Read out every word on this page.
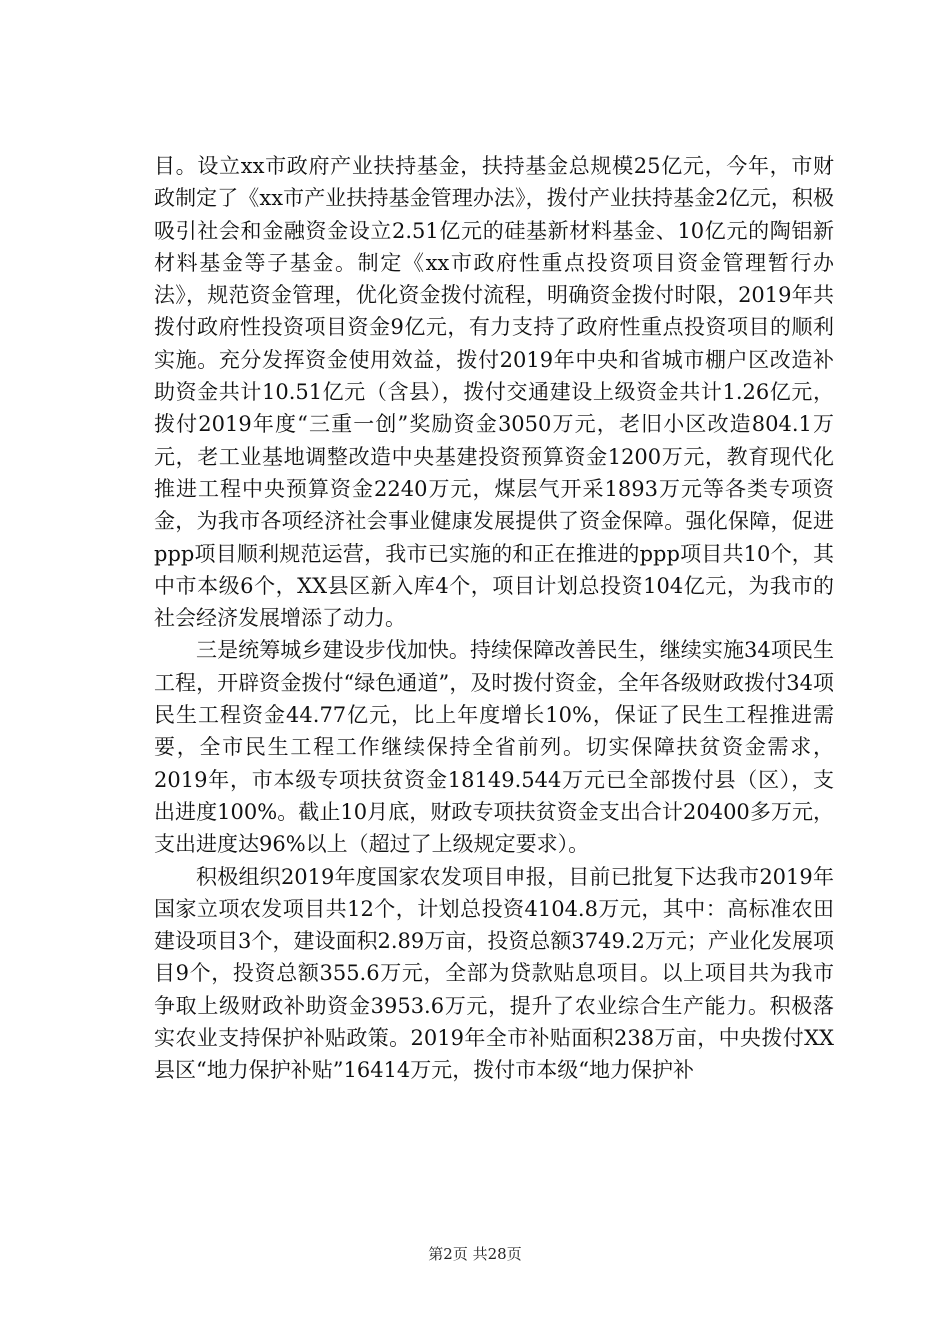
目。设立xx市政府产业扶持基金，扶持基金总规模25亿元，今年，市财政制定了《xx市产业扶持基金管理办法》，拨付产业扶持基金2亿元，积极吸引社会和金融资金设立2.51亿元的硅基新材料基金、10亿元的陶铝新材料基金等子基金。制定《xx市政府性重点投资项目资金管理暂行办法》，规范资金管理，优化资金拨付流程，明确资金拨付时限，2019年共拨付政府性投资项目资金9亿元，有力支持了政府性重点投资项目的顺利实施。充分发挥资金使用效益，拨付2019年中央和省城市棚户区改造补助资金共计10.51亿元（含县），拨付交通建设上级资金共计1.26亿元，拨付2019年度“三重一创”奖励资金3050万元，老旧小区改造804.1万元，老工业基地调整改造中央基建投资预算资金1200万元，教育现代化推进工程中央预算资金2240万元，煤层气开采1893万元等各类专项资金，为我市各项经济社会事业健康发展提供了资金保障。强化保障，促进ppp项目顺利规范运营，我市已实施的和正在推进的ppp项目共10个，其中市本级6个，XX县区新入库4个，项目计划总投资104亿元，为我市的社会经济发展增添了动力。

三是统筹城乡建设步伐加快。持续保障改善民生，继续实施34项民生工程，开辟资金拨付“绿色通道”，及时拨付资金，全年各级财政拨付34项民生工程资金44.77亿元，比上年度增长10%，保证了民生工程推进需要，全市民生工程工作继续保持全省前列。切实保障扶贫资金需求，2019年，市本级专项扶贫资金18149.544万元已全部拨付县（区），支出进度100%。截止10月底，财政专项扶贫资金支出合计20400多万元，支出进度达96%以上（超过了上级规定要求）。

积极组织2019年度国家农发项目申报，目前已批复下达我市2019年国家立项农发项目共12个，计划总投资4104.8万元，其中：高标准农田建设项目3个，建设面积2.89万亩，投资总额3749.2万元；产业化发展项目9个，投资总额355.6万元，全部为贷款贴息项目。以上项目共为我市争取上级财政补助资金3953.6万元，提升了农业综合生产能力。积极落实农业支持保护补贴政策。2019年全市补贴面积238万亩，中央拨付XX县区“地力保护补贴”16414万元，拨付市本级“地力保护补

第2页 共28页
